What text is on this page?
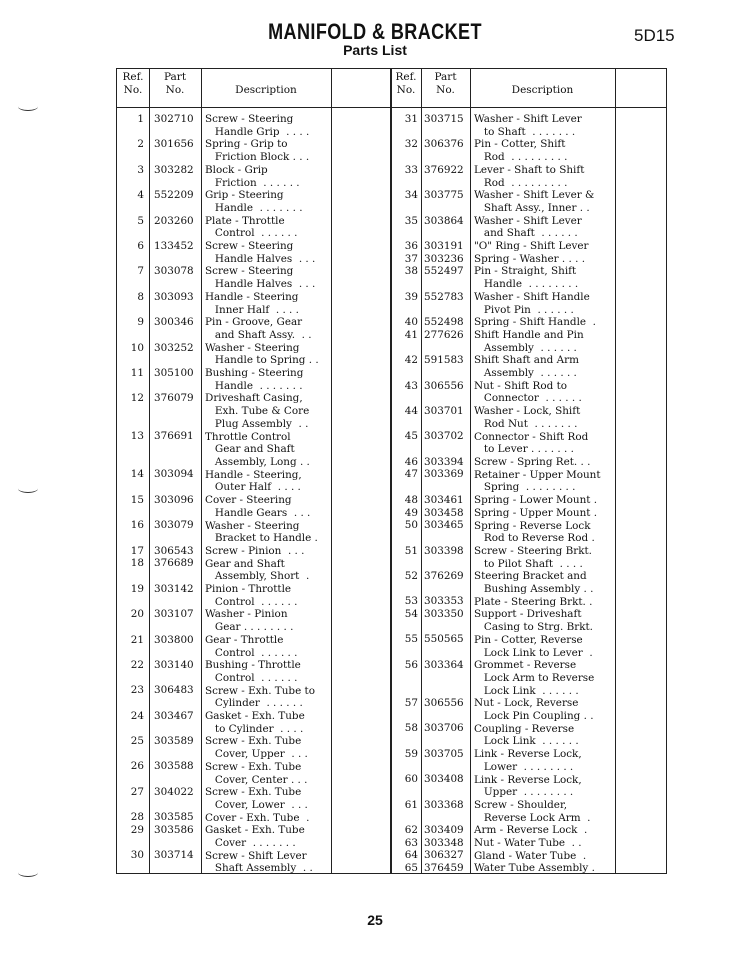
MANIFOLD & BRACKET
Parts List
5D15
Ref.
No.
Part
No.	Description
Ref.
No.
Part
No.	Description
1
2
3
4
5
6
7
8
9
10
11
12
13
14
15
16
17
18
19
20
21
22
23
24
25
26
27
28
29
30
302710
301656
303282
552209
203260
133452
303078
303093
300346
303252
305100
376079
376691
303094
303096
303079
306543
376689
303142
303107
303800
303140
306483
303467
303589
303588
304022
303585
303586
303714
Screw - Steering
Handle Grip  . . . .
Spring - Grip to
Friction Block . . .
Block - Grip
Friction  . . . . . .
Grip - Steering
Handle  . . . . . . .
Plate - Throttle
Control  . . . . . .
Screw - Steering
Handle Halves  . . .
Screw - Steering
Handle Halves  . . .
Handle - Steering
Inner Half  . . . .
Pin - Groove, Gear
and Shaft Assy.  . .
Washer - Steering
Handle to Spring . .
Bushing - Steering
Handle  . . . . . . .
Driveshaft Casing,
Exh. Tube & Core
Plug Assembly  . .
Throttle Control
Gear and Shaft
Assembly, Long . .
Handle - Steering,
Outer Half  . . . .
Cover - Steering
Handle Gears  . . .
Washer - Steering
Bracket to Handle .
Screw - Pinion  . . .
Gear and Shaft
Assembly, Short  .
Pinion - Throttle
Control  . . . . . .
Washer - Pinion
Gear . . . . . . . .
Gear - Throttle
Control  . . . . . .
Bushing - Throttle
Control  . . . . . .
Screw - Exh. Tube to
Cylinder  . . . . . .
Gasket - Exh. Tube
to Cylinder  . . . .
Screw - Exh. Tube
Cover, Upper  . . .
Screw - Exh. Tube
Cover, Center . . .
Screw - Exh. Tube
Cover, Lower  . . .
Cover - Exh. Tube  .
Gasket - Exh. Tube
Cover  . . . . . . .
Screw - Shift Lever
Shaft Assembly  . .
31
32
33
34
35
36
37
38
39
40
41
42
43
44
45
46
47
48
49
50
51
52
53
54
55
56
57
58
59
60
61
62
63
64
65
303715
306376
376922
303775
303864
303191
303236
552497
552783
552498
277626
591583
306556
303701
303702
303394
303369
303461
303458
303465
303398
376269
303353
303350
550565
303364
306556
303706
303705
303408
303368
303409
303348
306327
376459
Washer - Shift Lever
to Shaft  . . . . . . .
Pin - Cotter, Shift
Rod  . . . . . . . . .
Lever - Shaft to Shift
Rod  . . . . . . . . .
Washer - Shift Lever &
Shaft Assy., Inner . .
Washer - Shift Lever
and Shaft  . . . . . .
"O" Ring - Shift Lever
Spring - Washer . . . .
Pin - Straight, Shift
Handle  . . . . . . . .
Washer - Shift Handle
Pivot Pin  . . . . . .
Spring - Shift Handle  .
Shift Handle and Pin
Assembly  . . . . . .
Shift Shaft and Arm
Assembly  . . . . . .
Nut - Shift Rod to
Connector  . . . . . .
Washer - Lock, Shift
Rod Nut  . . . . . . .
Connector - Shift Rod
to Lever . . . . . . .
Screw - Spring Ret. . .
Retainer - Upper Mount
Spring  . . . . . . . .
Spring - Lower Mount .
Spring - Upper Mount .
Spring - Reverse Lock
Rod to Reverse Rod .
Screw - Steering Brkt.
to Pilot Shaft  . . . .
Steering Bracket and
Bushing Assembly . .
Plate - Steering Brkt. .
Support - Driveshaft
Casing to Strg. Brkt.
Pin - Cotter, Reverse
Lock Link to Lever  .
Grommet - Reverse
Lock Arm to Reverse
Lock Link  . . . . . .
Nut - Lock, Reverse
Lock Pin Coupling . .
Coupling - Reverse
Lock Link  . . . . . .
Link - Reverse Lock,
Lower  . . . . . . . .
Link - Reverse Lock,
Upper  . . . . . . . .
Screw - Shoulder,
Reverse Lock Arm  .
Arm - Reverse Lock  .
Nut - Water Tube  . .
Gland - Water Tube  .
Water Tube Assembly .
25
